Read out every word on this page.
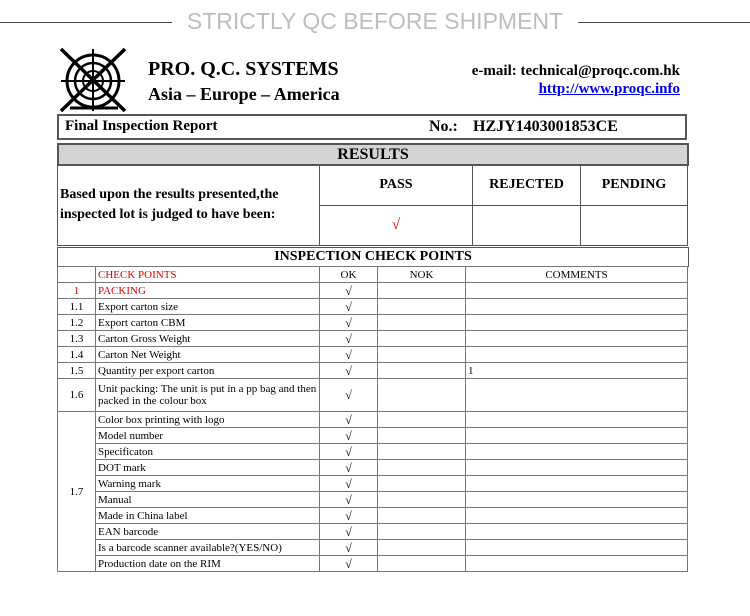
STRICTLY QC BEFORE SHIPMENT
PRO. Q.C. SYSTEMS
Asia – Europe – America
e-mail: technical@proqc.com.hk
http://www.proqc.info
Final Inspection Report	No.: HZJY1403001853CE
RESULTS
Based upon the results presented,the inspected lot is judged to have been:	PASS	REJECTED	PENDING
	√		
INSPECTION CHECK POINTS
	CHECK POINTS	OK	NOK	COMMENTS
1	PACKING	√		
1.1	Export carton size	√		
1.2	Export carton CBM	√		
1.3	Carton Gross Weight	√		
1.4	Carton Net Weight	√		
1.5	Quantity per export carton	√		1
1.6	Unit packing: The unit is put in a pp bag and then packed in the colour box	√		
1.7	Color box printing with logo	√		
	Model number	√		
	Specificaton	√		
	DOT mark	√		
	Warning mark	√		
	Manual	√		
	Made in China label	√		
	EAN barcode	√		
	Is a barcode scanner available?(YES/NO)	√		
	Production date on the RIM	√		
